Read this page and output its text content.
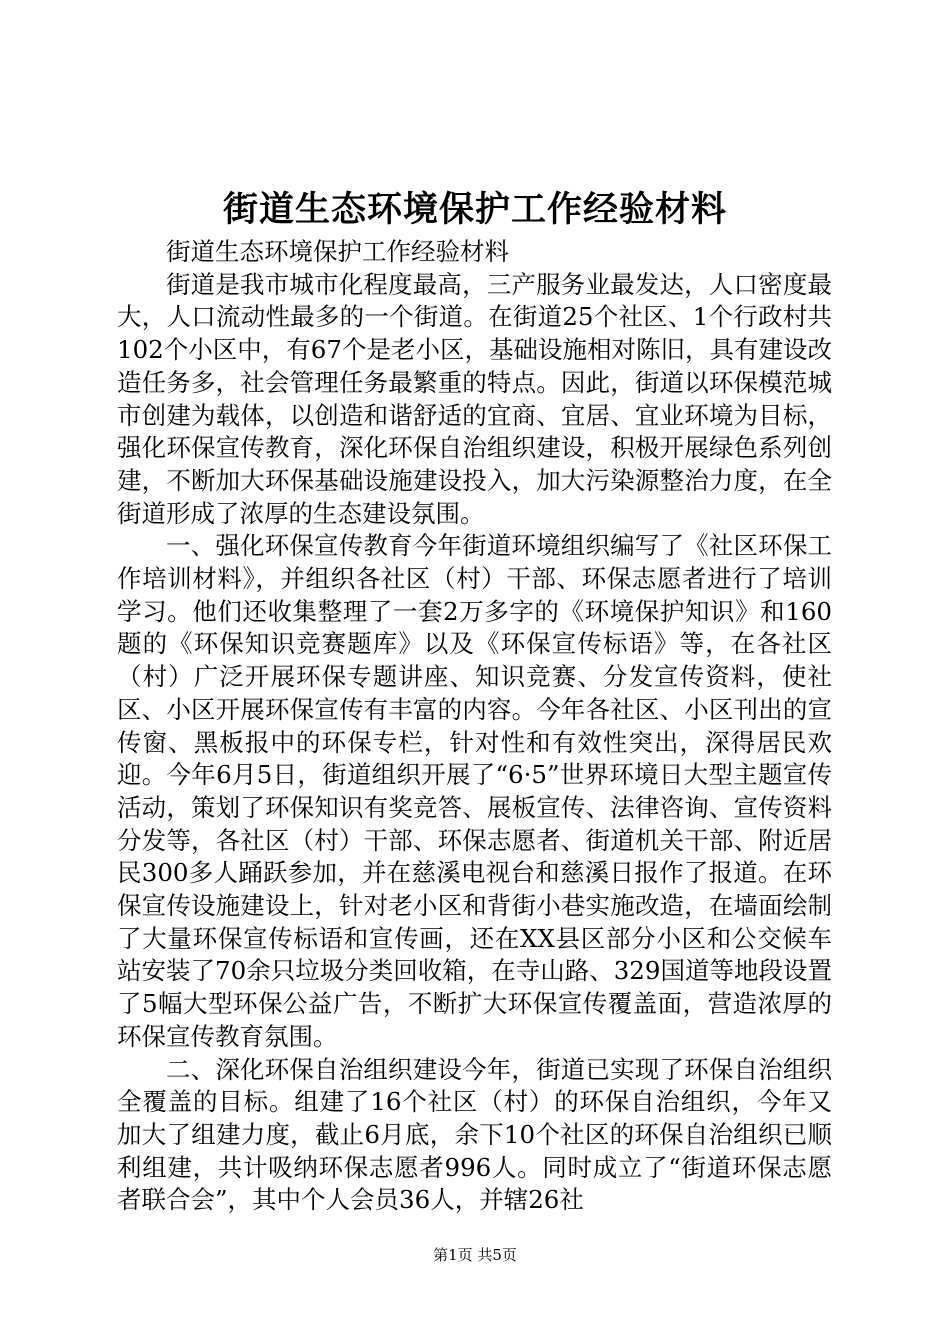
街道生态环境保护工作经验材料

街道生态环境保护工作经验材料

街道是我市城市化程度最高，三产服务业最发达，人口密度最大，人口流动性最多的一个街道。在街道25个社区、1个行政村共102个小区中，有67个是老小区，基础设施相对陈旧，具有建设改造任务多，社会管理任务最繁重的特点。因此，街道以环保模范城市创建为载体，以创造和谐舒适的宜商、宜居、宜业环境为目标，强化环保宣传教育，深化环保自治组织建设，积极开展绿色系列创建，不断加大环保基础设施建设投入，加大污染源整治力度，在全街道形成了浓厚的生态建设氛围。

一、强化环保宣传教育今年街道环境组织编写了《社区环保工作培训材料》，并组织各社区（村）干部、环保志愿者进行了培训学习。他们还收集整理了一套2万多字的《环境保护知识》和160题的《环保知识竞赛题库》以及《环保宣传标语》等，在各社区（村）广泛开展环保专题讲座、知识竞赛、分发宣传资料，使社区、小区开展环保宣传有丰富的内容。今年各社区、小区刊出的宣传窗、黑板报中的环保专栏，针对性和有效性突出，深得居民欢迎。今年6月5日，街道组织开展了“6·5”世界环境日大型主题宣传活动，策划了环保知识有奖竞答、展板宣传、法律咨询、宣传资料分发等，各社区（村）干部、环保志愿者、街道机关干部、附近居民300多人踊跃参加，并在慈溪电视台和慈溪日报作了报道。在环保宣传设施建设上，针对老小区和背街小巷实施改造，在墙面绘制了大量环保宣传标语和宣传画，还在XX县区部分小区和公交候车站安装了70余只垃圾分类回收箱，在寺山路、329国道等地段设置了5幅大型环保公益广告，不断扩大环保宣传覆盖面，营造浓厚的环保宣传教育氛围。

二、深化环保自治组织建设今年，街道已实现了环保自治组织全覆盖的目标。组建了16个社区（村）的环保自治组织，今年又加大了组建力度，截止6月底，余下10个社区的环保自治组织已顺利组建，共计吸纳环保志愿者996人。同时成立了“街道环保志愿者联合会”，其中个人会员36人，并辖26社

第1页 共5页
